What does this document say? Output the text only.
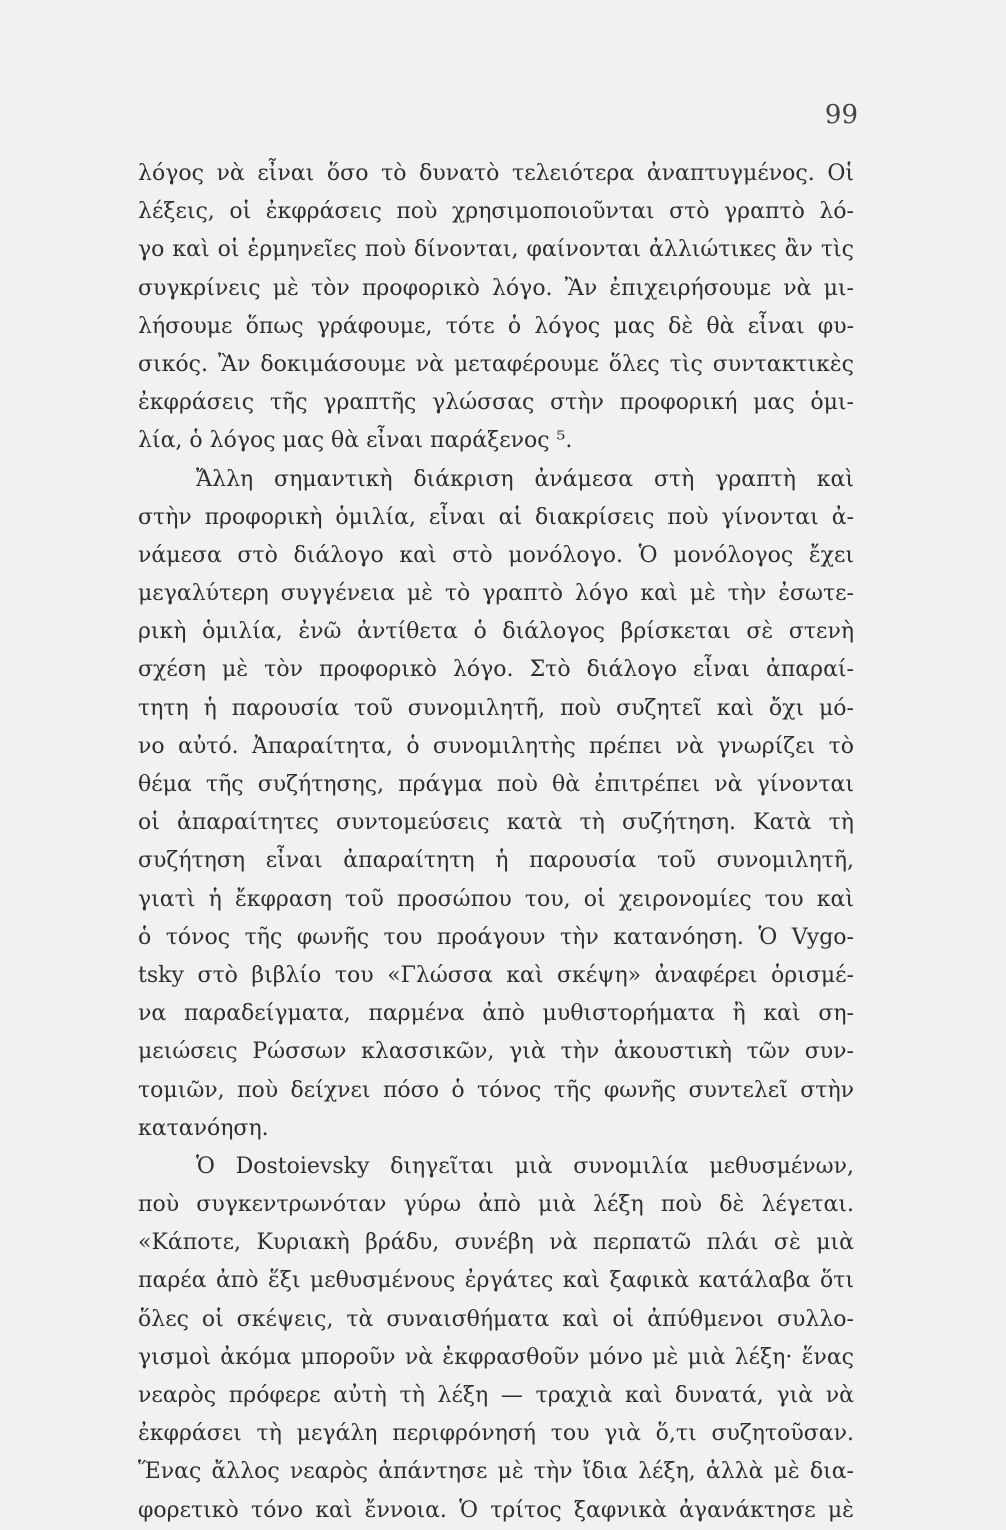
99
λόγος νὰ εἶναι ὅσο τὸ δυνατὸ τελειότερα ἀναπτυγμένος. Οἱ
λέξεις, οἱ ἐκφράσεις ποὺ χρησιμοποιοῦνται στὸ γραπτὸ λό-
γο καὶ οἱ ἑρμηνεῖες ποὺ δίνονται, φαίνονται ἀλλιώτικες ἂν τὶς
συγκρίνεις μὲ τὸν προφορικὸ λόγο. Ἂν ἐπιχειρήσουμε νὰ μι-
λήσουμε ὅπως γράφουμε, τότε ὁ λόγος μας δὲ θὰ εἶναι φυ-
σικός. Ἂν δοκιμάσουμε νὰ μεταφέρουμε ὅλες τὶς συντακτικὲς
ἐκφράσεις τῆς γραπτῆς γλώσσας στὴν προφορική μας ὁμι-
λία, ὁ λόγος μας θὰ εἶναι παράξενος ⁵.
Ἄλλη σημαντικὴ διάκριση ἀνάμεσα στὴ γραπτὴ καὶ
στὴν προφορικὴ ὁμιλία, εἶναι αἱ διακρίσεις ποὺ γίνονται ἀ-
νάμεσα στὸ διάλογο καὶ στὸ μονόλογο. Ὁ μονόλογος ἔχει
μεγαλύτερη συγγένεια μὲ τὸ γραπτὸ λόγο καὶ μὲ τὴν ἐσωτε-
ρικὴ ὁμιλία, ἐνῶ ἀντίθετα ὁ διάλογος βρίσκεται σὲ στενὴ
σχέση μὲ τὸν προφορικὸ λόγο. Στὸ διάλογο εἶναι ἀπαραί-
τητη ἡ παρουσία τοῦ συνομιλητῆ, ποὺ συζητεῖ καὶ ὄχι μό-
νο αὐτό. Ἀπαραίτητα, ὁ συνομιλητὴς πρέπει νὰ γνωρίζει τὸ
θέμα τῆς συζήτησης, πράγμα ποὺ θὰ ἐπιτρέπει νὰ γίνονται
οἱ ἀπαραίτητες συντομεύσεις κατὰ τὴ συζήτηση. Κατὰ τὴ
συζήτηση εἶναι ἀπαραίτητη ἡ παρουσία τοῦ συνομιλητῆ,
γιατὶ ἡ ἔκφραση τοῦ προσώπου του, οἱ χειρονομίες του καὶ
ὁ τόνος τῆς φωνῆς του προάγουν τὴν κατανόηση. Ὁ Vygo-
tsky στὸ βιβλίο του «Γλώσσα καὶ σκέψη» ἀναφέρει ὁρισμέ-
να παραδείγματα, παρμένα ἀπὸ μυθιστορήματα ἢ καὶ ση-
μειώσεις Ρώσσων κλασσικῶν, γιὰ τὴν ἀκουστικὴ τῶν συν-
τομιῶν, ποὺ δείχνει πόσο ὁ τόνος τῆς φωνῆς συντελεῖ στὴν
κατανόηση.
Ὁ Dostoievsky διηγεῖται μιὰ συνομιλία μεθυσμένων,
ποὺ συγκεντρωνόταν γύρω ἀπὸ μιὰ λέξη ποὺ δὲ λέγεται.
«Κάποτε, Κυριακὴ βράδυ, συνέβη νὰ περπατῶ πλάι σὲ μιὰ
παρέα ἀπὸ ἕξι μεθυσμένους ἐργάτες καὶ ξαφικὰ κατάλαβα ὅτι
ὅλες οἱ σκέψεις, τὰ συναισθήματα καὶ οἱ ἀπύθμενοι συλλο-
γισμοὶ ἀκόμα μποροῦν νὰ ἐκφρασθοῦν μόνο μὲ μιὰ λέξη· ἕνας
νεαρὸς πρόφερε αὐτὴ τὴ λέξη — τραχιὰ καὶ δυνατά, γιὰ νὰ
ἐκφράσει τὴ μεγάλη περιφρόνησή του γιὰ ὅ,τι συζητοῦσαν.
Ἕνας ἄλλος νεαρὸς ἀπάντησε μὲ τὴν ἴδια λέξη, ἀλλὰ μὲ δια-
φορετικὸ τόνο καὶ ἔννοια. Ὁ τρίτος ξαφνικὰ ἀγανάκτησε μὲ
